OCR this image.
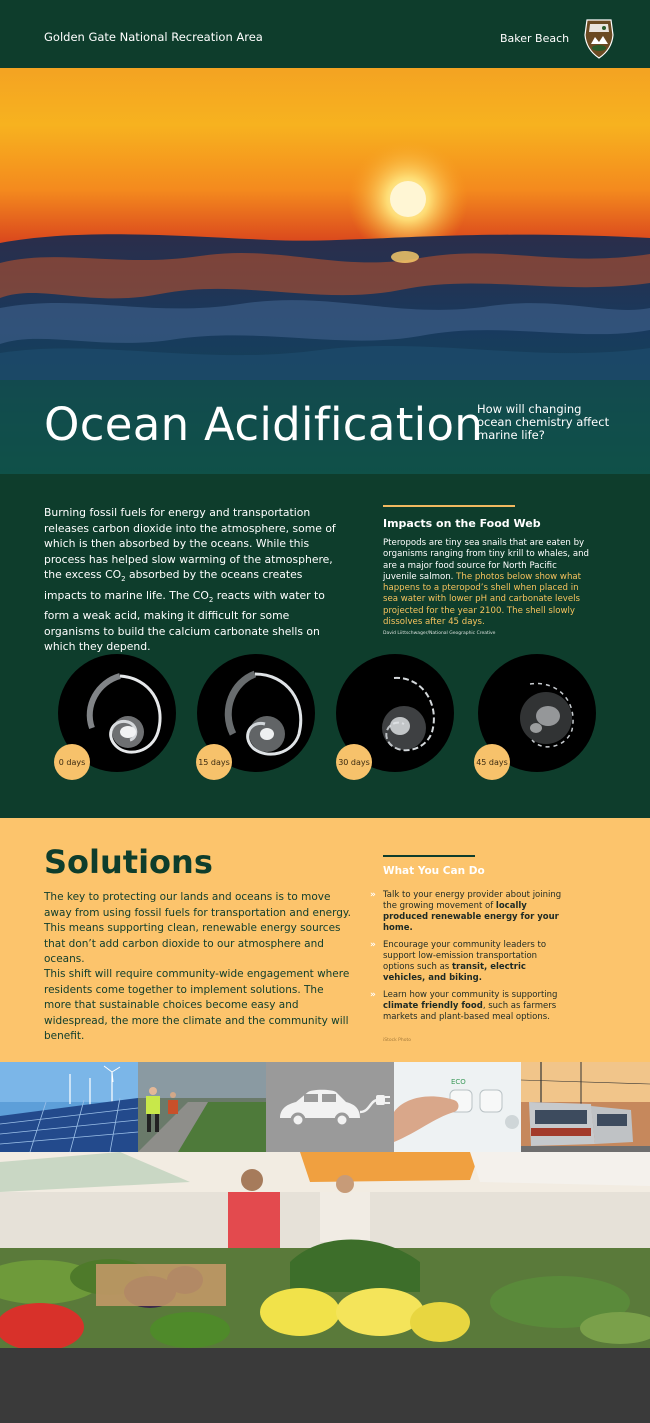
Golden Gate National Recreation Area	Baker Beach
Ocean Acidification
How will changing ocean chemistry affect marine life?

Burning fossil fuels for energy and transportation releases carbon dioxide into the atmosphere, some of which is then absorbed by the oceans. While this process has helped slow warming of the atmosphere, the excess $CO_2$ absorbed by the oceans creates impacts to marine life. The $CO_2$ reacts with water to form a weak acid, making it difficult for some organisms to build the calcium carbonate shells on which they depend.

Impacts on the Food Web

Pteropods are tiny sea snails that are eaten by organisms ranging from tiny krill to whales, and are a major food source for North Pacific juvenile salmon. The photos below show what happens to a pteropod’s shell when placed in sea water with lower pH and carbonate levels projected for the year 2100. The shell slowly dissolves after 45 days.

David Liittschwager/National Geographic Creative
0 days	15 days	30 days	45 days
Solutions

The key to protecting our lands and oceans is to move away from using fossil fuels for transportation and energy. This means supporting clean, renewable energy sources that don’t add carbon dioxide to our atmosphere and oceans.

This shift will require community-wide engagement where residents come together to implement solutions. The more that sustainable choices become easy and widespread, the more the climate and the community will benefit.

What You Can Do
» Talk to your energy provider about joining the growing movement of locally produced renewable energy for your home.
» Encourage your community leaders to support low-emission transportation options such as transit, electric vehicles, and biking.
» Learn how your community is supporting climate friendly food, such as farmers markets and plant-based meal options.
iStock Photo
ECO
